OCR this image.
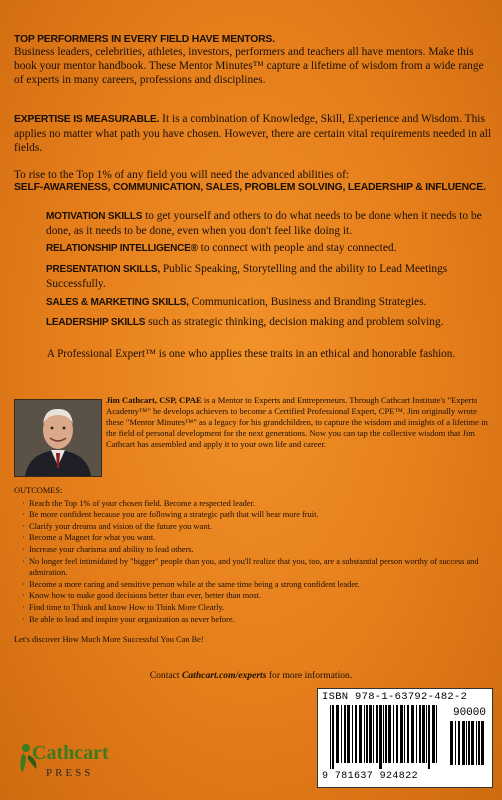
TOP PERFORMERS IN EVERY FIELD HAVE MENTORS.

Business leaders, celebrities, athletes, investors, performers and teachers all have mentors. Make this book your mentor handbook. These Mentor Minutes™ capture a lifetime of wisdom from a wide range of experts in many careers, professions and disciplines.

EXPERTISE IS MEASURABLE. It is a combination of Knowledge, Skill, Experience and Wisdom. This applies no matter what path you have chosen. However, there are certain vital requirements needed in all fields.

To rise to the Top 1% of any field you will need the advanced abilities of:

SELF-AWARENESS, COMMUNICATION, SALES, PROBLEM SOLVING, LEADERSHIP & INFLUENCE.
MOTIVATION SKILLS to get yourself and others to do what needs to be done when it needs to be done, as it needs to be done, even when you don't feel like doing it.
RELATIONSHIP INTELLIGENCE® to connect with people and stay connected.
PRESENTATION SKILLS, Public Speaking, Storytelling and the ability to Lead Meetings Successfully.
SALES & MARKETING SKILLS, Communication, Business and Branding Strategies.
LEADERSHIP SKILLS such as strategic thinking, decision making and problem solving.
A Professional Expert™ is one who applies these traits in an ethical and honorable fashion.
Jim Cathcart, CSP, CPAE is a Mentor to Experts and Entrepreneurs. Through Cathcart Institute's "Experts Academy™" he develops achievers to become a Certified Professional Expert, CPE™. Jim originally wrote these "Mentor Minutes™" as a legacy for his grandchildren, to capture the wisdom and insights of a lifetime in the field of personal development for the next generations. Now you can tap the collective wisdom that Jim Cathcart has assembled and apply it to your own life and career.
OUTCOMES:
· Reach the Top 1% of your chosen field. Become a respected leader.
· Be more confident because you are following a strategic path that will bear more fruit.
· Clarify your dreams and vision of the future you want.
· Become a Magnet for what you want.
· Increase your charisma and ability to lead others.
· No longer feel intimidated by "bigger" people than you, and you'll realize that you, too, are a substantial person worthy of success and admiration.
· Become a more caring and sensitive person while at the same time being a strong confident leader.
· Know how to make good decisions better than ever, better than most.
· Find time to Think and know How to Think More Clearly.
· Be able to lead and inspire your organization as never before.
Let's discover How Much More Successful You Can Be!
Contact Cathcart.com/experts for more information.
Cathcart
PRESS
ISBN 978-1-63792-482-2
90000
9 781637 924822
